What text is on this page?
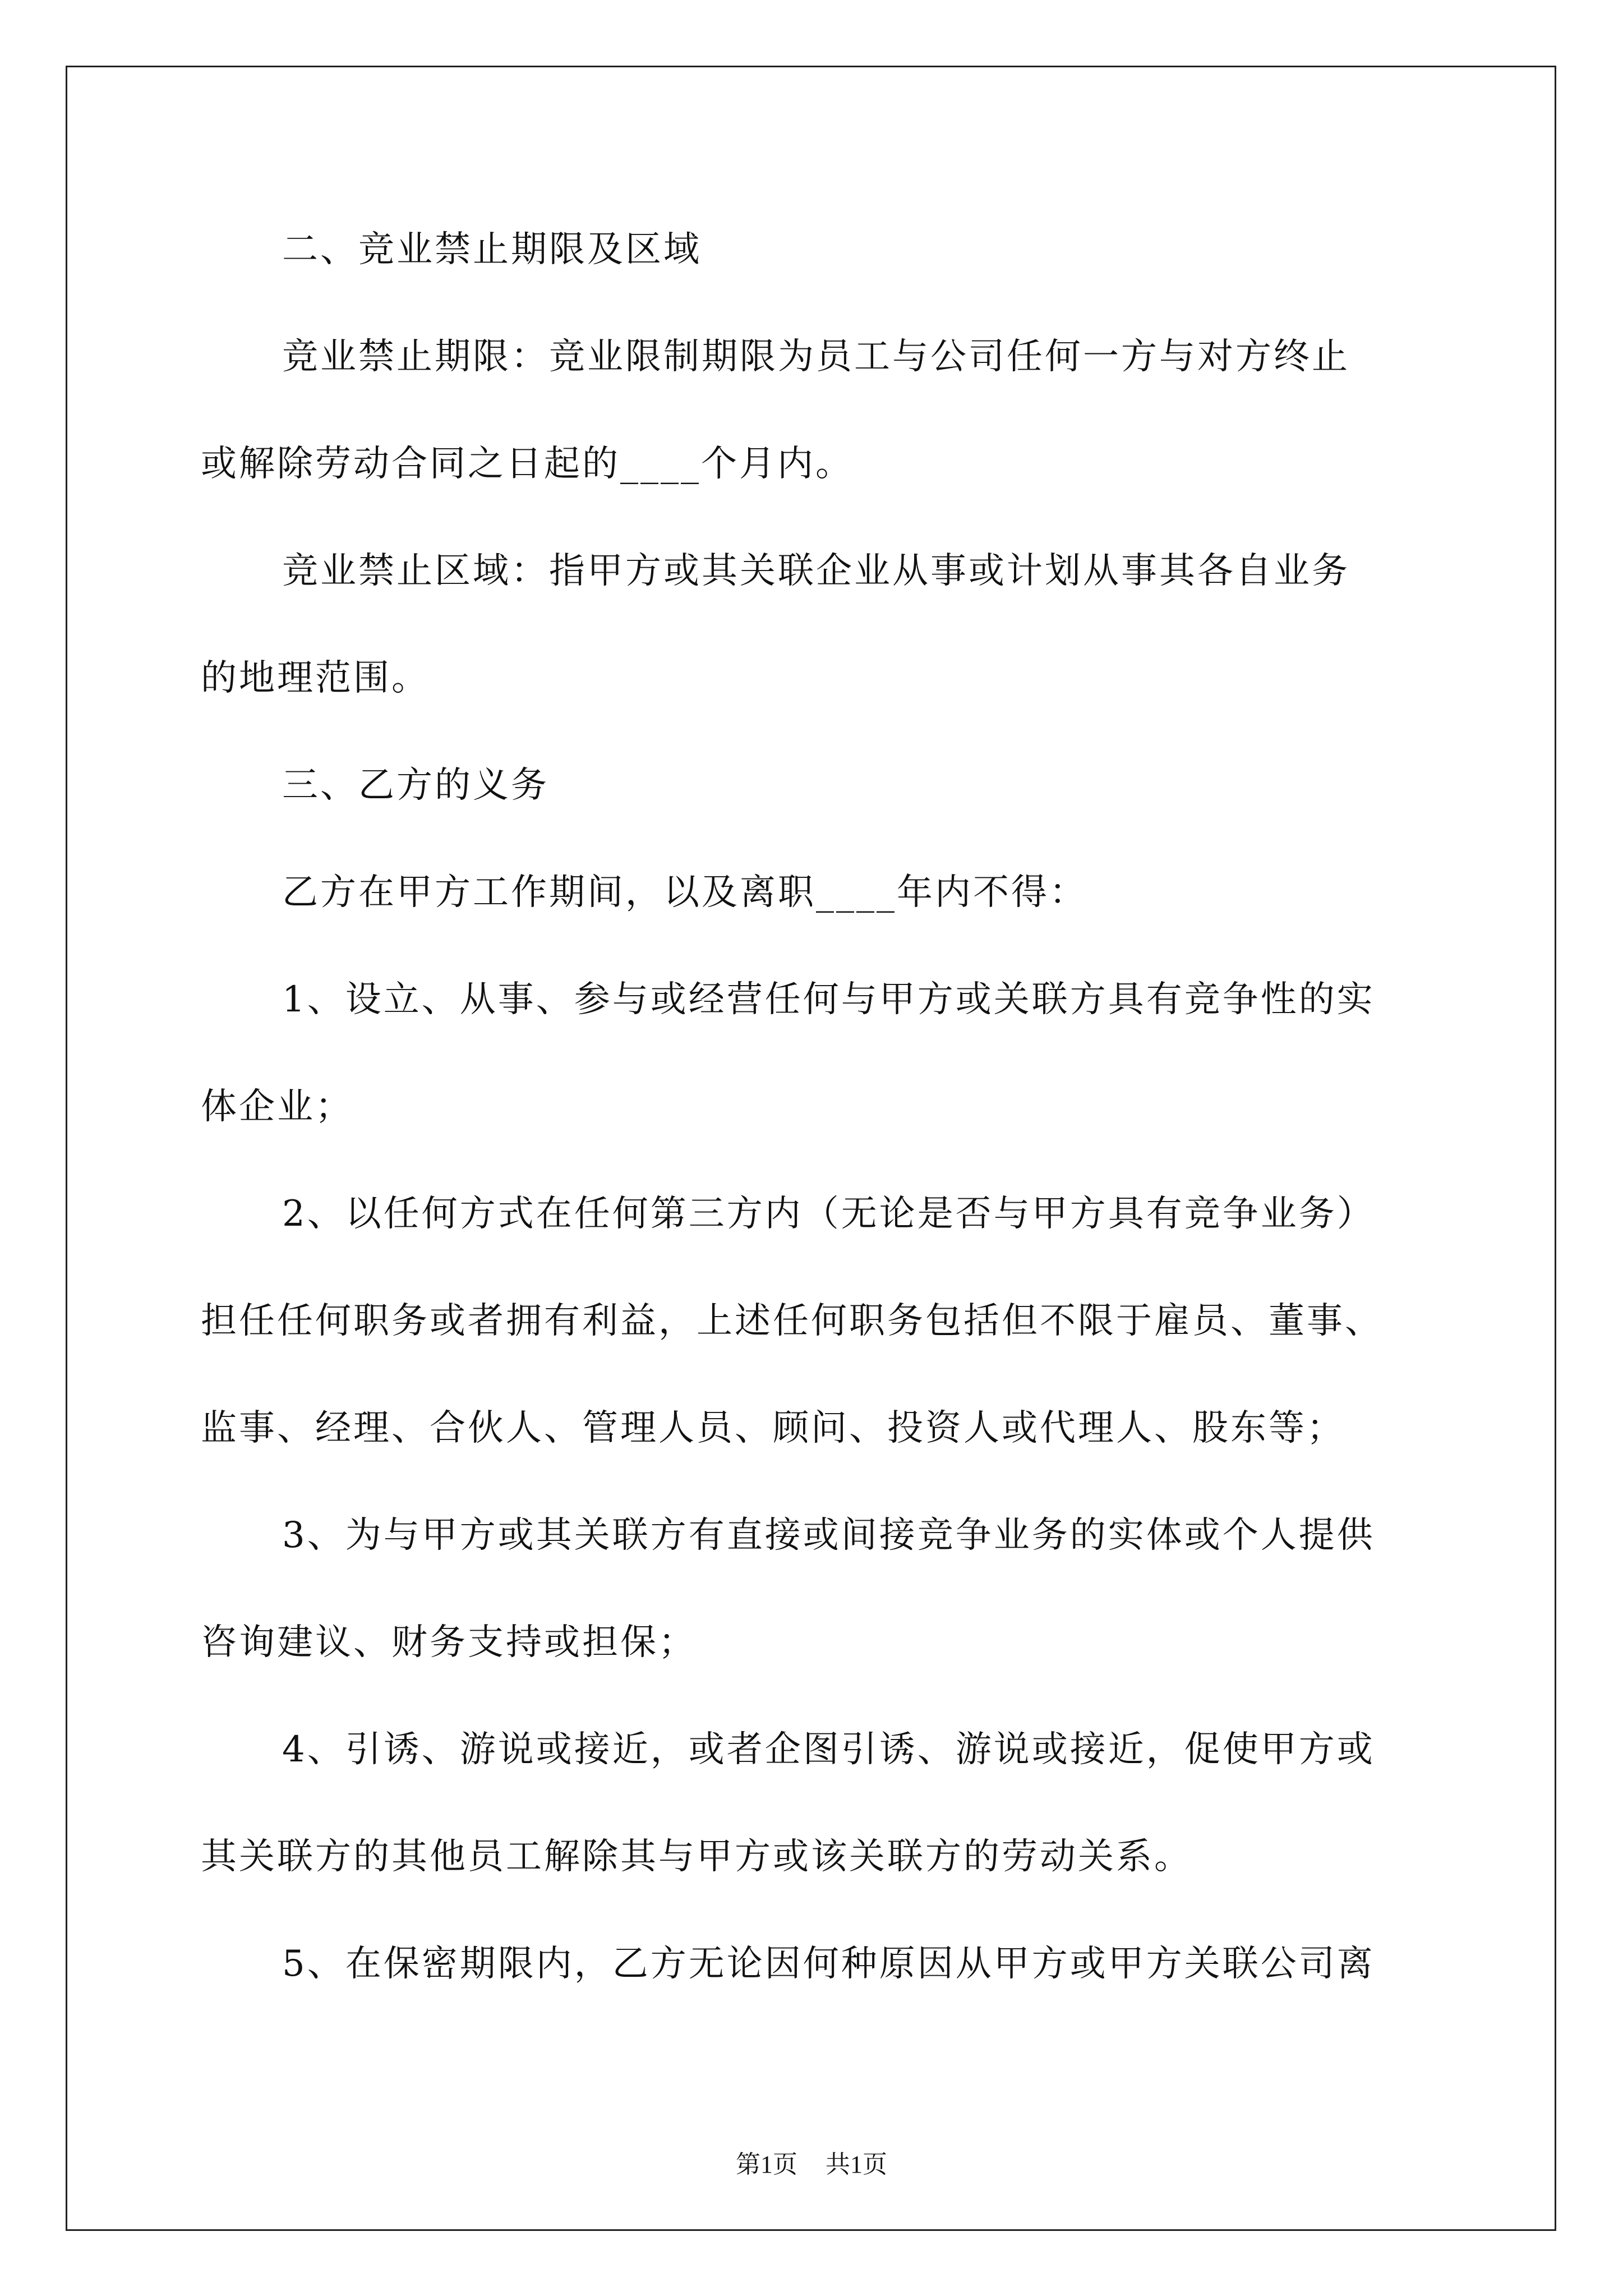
二、竞业禁止期限及区域
竞业禁止期限：竞业限制期限为员工与公司任何一方与对方终止
或解除劳动合同之日起的____个月内。
竞业禁止区域：指甲方或其关联企业从事或计划从事其各自业务
的地理范围。
三、乙方的义务
乙方在甲方工作期间，以及离职____年内不得：
1、设立、从事、参与或经营任何与甲方或关联方具有竞争性的实
体企业；
2、以任何方式在任何第三方内（无论是否与甲方具有竞争业务）
担任任何职务或者拥有利益，上述任何职务包括但不限于雇员、董事、
监事、经理、合伙人、管理人员、顾问、投资人或代理人、股东等；
3、为与甲方或其关联方有直接或间接竞争业务的实体或个人提供
咨询建议、财务支持或担保；
4、引诱、游说或接近，或者企图引诱、游说或接近，促使甲方或
其关联方的其他员工解除其与甲方或该关联方的劳动关系。
5、在保密期限内，乙方无论因何种原因从甲方或甲方关联公司离
第1页 共1页
